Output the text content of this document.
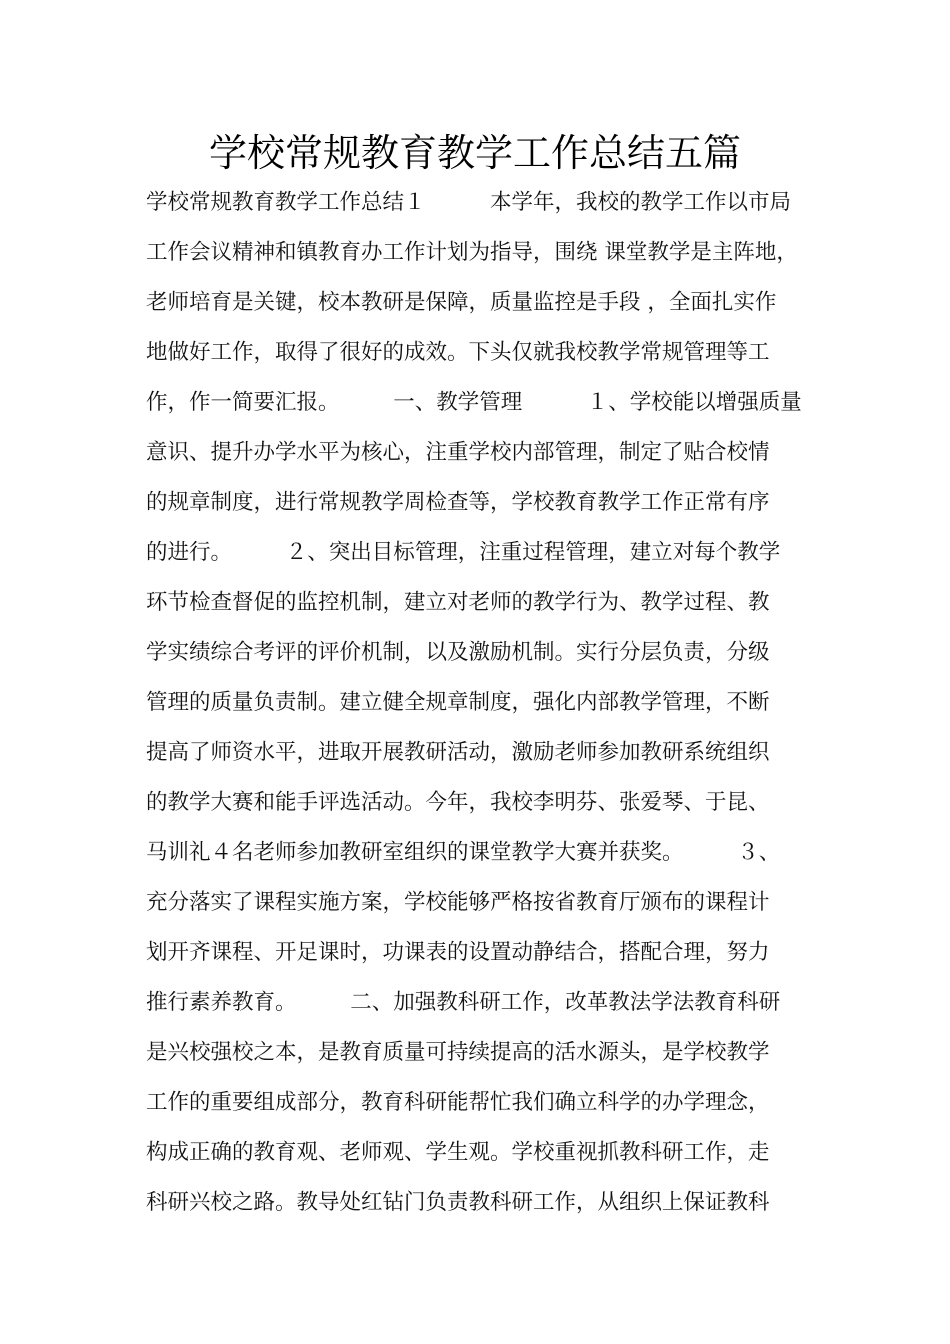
学校常规教育教学工作总结五篇
学校常规教育教学工作总结１　　　本学年，我校的教学工作以市局
工作会议精神和镇教育办工作计划为指导，围绕 课堂教学是主阵地，
老师培育是关键，校本教研是保障，质量监控是手段 ，全面扎实作
地做好工作，取得了很好的成效。下头仅就我校教学常规管理等工
作，作一简要汇报。　　　一、教学管理　　　１、学校能以增强质量
意识、提升办学水平为核心，注重学校内部管理，制定了贴合校情
的规章制度，进行常规教学周检查等，学校教育教学工作正常有序
的进行。　　　２、突出目标管理，注重过程管理，建立对每个教学
环节检查督促的监控机制，建立对老师的教学行为、教学过程、教
学实绩综合考评的评价机制，以及激励机制。实行分层负责，分级
管理的质量负责制。建立健全规章制度，强化内部教学管理，不断
提高了师资水平，进取开展教研活动，激励老师参加教研系统组织
的教学大赛和能手评选活动。今年，我校李明芬、张爱琴、于昆、
马训礼４名老师参加教研室组织的课堂教学大赛并获奖。　　　３、
充分落实了课程实施方案，学校能够严格按省教育厅颁布的课程计
划开齐课程、开足课时，功课表的设置动静结合，搭配合理，努力
推行素养教育。　　　二、加强教科研工作，改革教法学法教育科研
是兴校强校之本，是教育质量可持续提高的活水源头，是学校教学
工作的重要组成部分，教育科研能帮忙我们确立科学的办学理念，
构成正确的教育观、老师观、学生观。学校重视抓教科研工作，走
科研兴校之路。教导处红钻门负责教科研工作，从组织上保证教科
